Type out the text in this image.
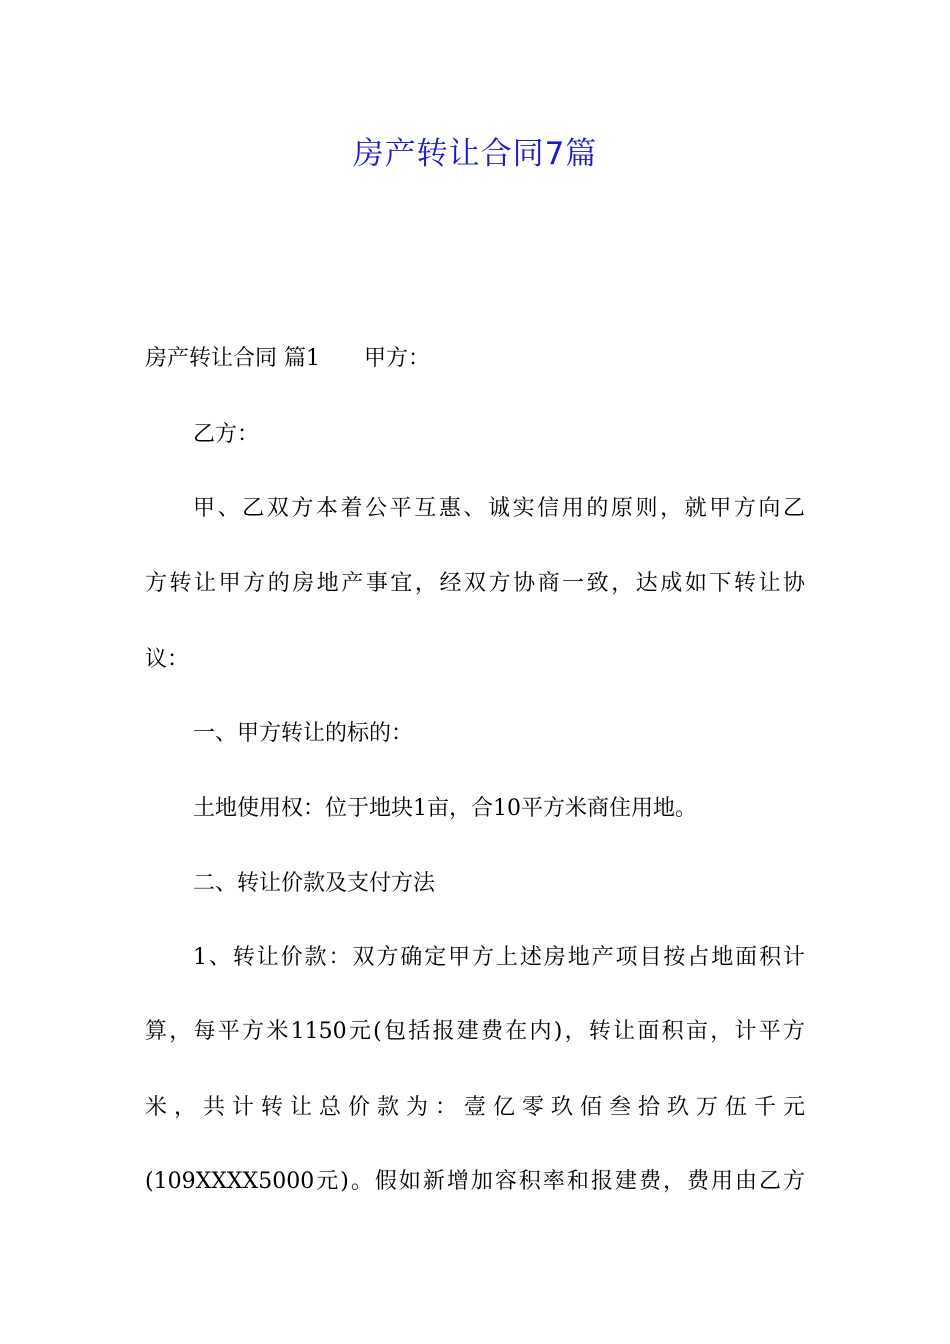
房产转让合同7篇
房产转让合同 篇1 甲方：
乙方：
甲、乙双方本着公平互惠、诚实信用的原则，就甲方向乙
方转让甲方的房地产事宜，经双方协商一致，达成如下转让协
议：
一、甲方转让的标的：
土地使用权：位于地块1亩，合10平方米商住用地。
二、转让价款及支付方法
1、转让价款：双方确定甲方上述房地产项目按占地面积计
算，每平方米1150元(包括报建费在内)，转让面积亩，计平方
米，共计转让总价款为：壹亿零玖佰叁拾玖万伍千元
(109XXXX5000元)。假如新增加容积率和报建费，费用由乙方
